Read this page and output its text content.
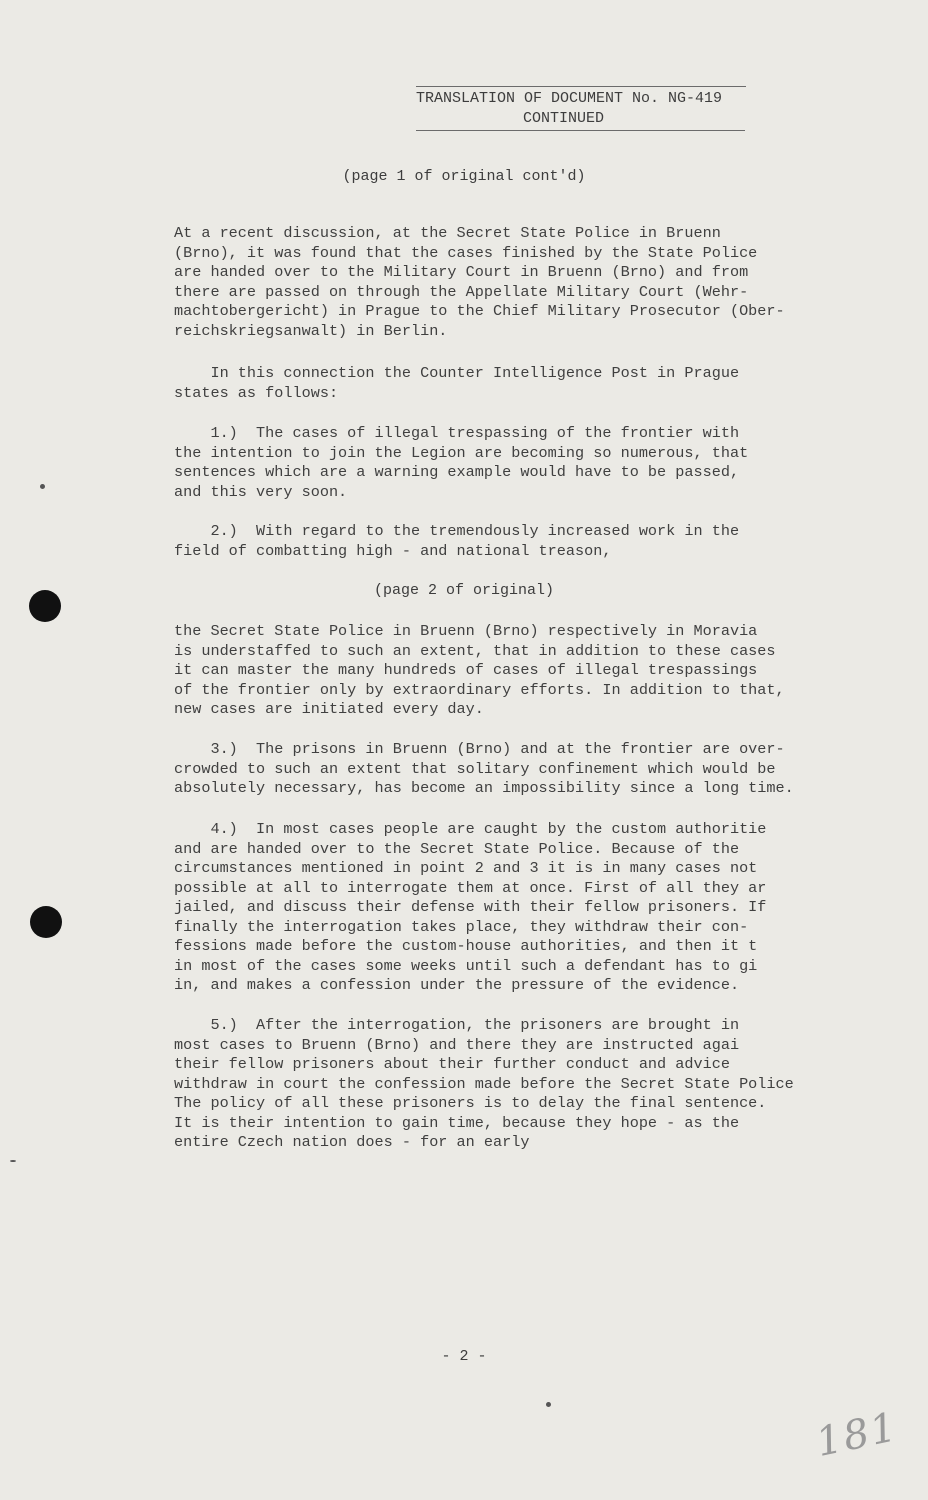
TRANSLATION OF DOCUMENT No. NG-419
CONTINUED
(page 1 of original cont'd)
At a recent discussion, at the Secret State Police in Bruenn
(Brno), it was found that the cases finished by the State Police
are handed over to the Military Court in Bruenn (Brno) and from
there are passed on through the Appellate Military Court (Wehr-
machtobergericht) in Prague to the Chief Military Prosecutor (Ober-
reichskriegsanwalt) in Berlin.
In this connection the Counter Intelligence Post in Prague
states as follows:
1.)  The cases of illegal trespassing of the frontier with
the intention to join the Legion are becoming so numerous, that
sentences which are a warning example would have to be passed,
and this very soon.
2.)  With regard to the tremendously increased work in the
field of combatting high - and national treason,
(page 2 of original)
the Secret State Police in Bruenn (Brno) respectively in Moravia
is understaffed to such an extent, that in addition to these cases
it can master the many hundreds of cases of illegal trespassings
of the frontier only by extraordinary efforts. In addition to that,
new cases are initiated every day.
3.)  The prisons in Bruenn (Brno) and at the frontier are over-
crowded to such an extent that solitary confinement which would be
absolutely necessary, has become an impossibility since a long time.
4.)  In most cases people are caught by the custom authoritie
and are handed over to the Secret State Police. Because of the
circumstances mentioned in point 2 and 3 it is in many cases not
possible at all to interrogate them at once. First of all they ar
jailed, and discuss their defense with their fellow prisoners. If
finally the interrogation takes place, they withdraw their con-
fessions made before the custom-house authorities, and then it t
in most of the cases some weeks until such a defendant has to gi
in, and makes a confession under the pressure of the evidence.
5.)  After the interrogation, the prisoners are brought in
most cases to Bruenn (Brno) and there they are instructed agai
their fellow prisoners about their further conduct and advice
withdraw in court the confession made before the Secret State Police
The policy of all these prisoners is to delay the final sentence.
It is their intention to gain time, because they hope - as the
entire Czech nation does - for an early
- 2 -
181
